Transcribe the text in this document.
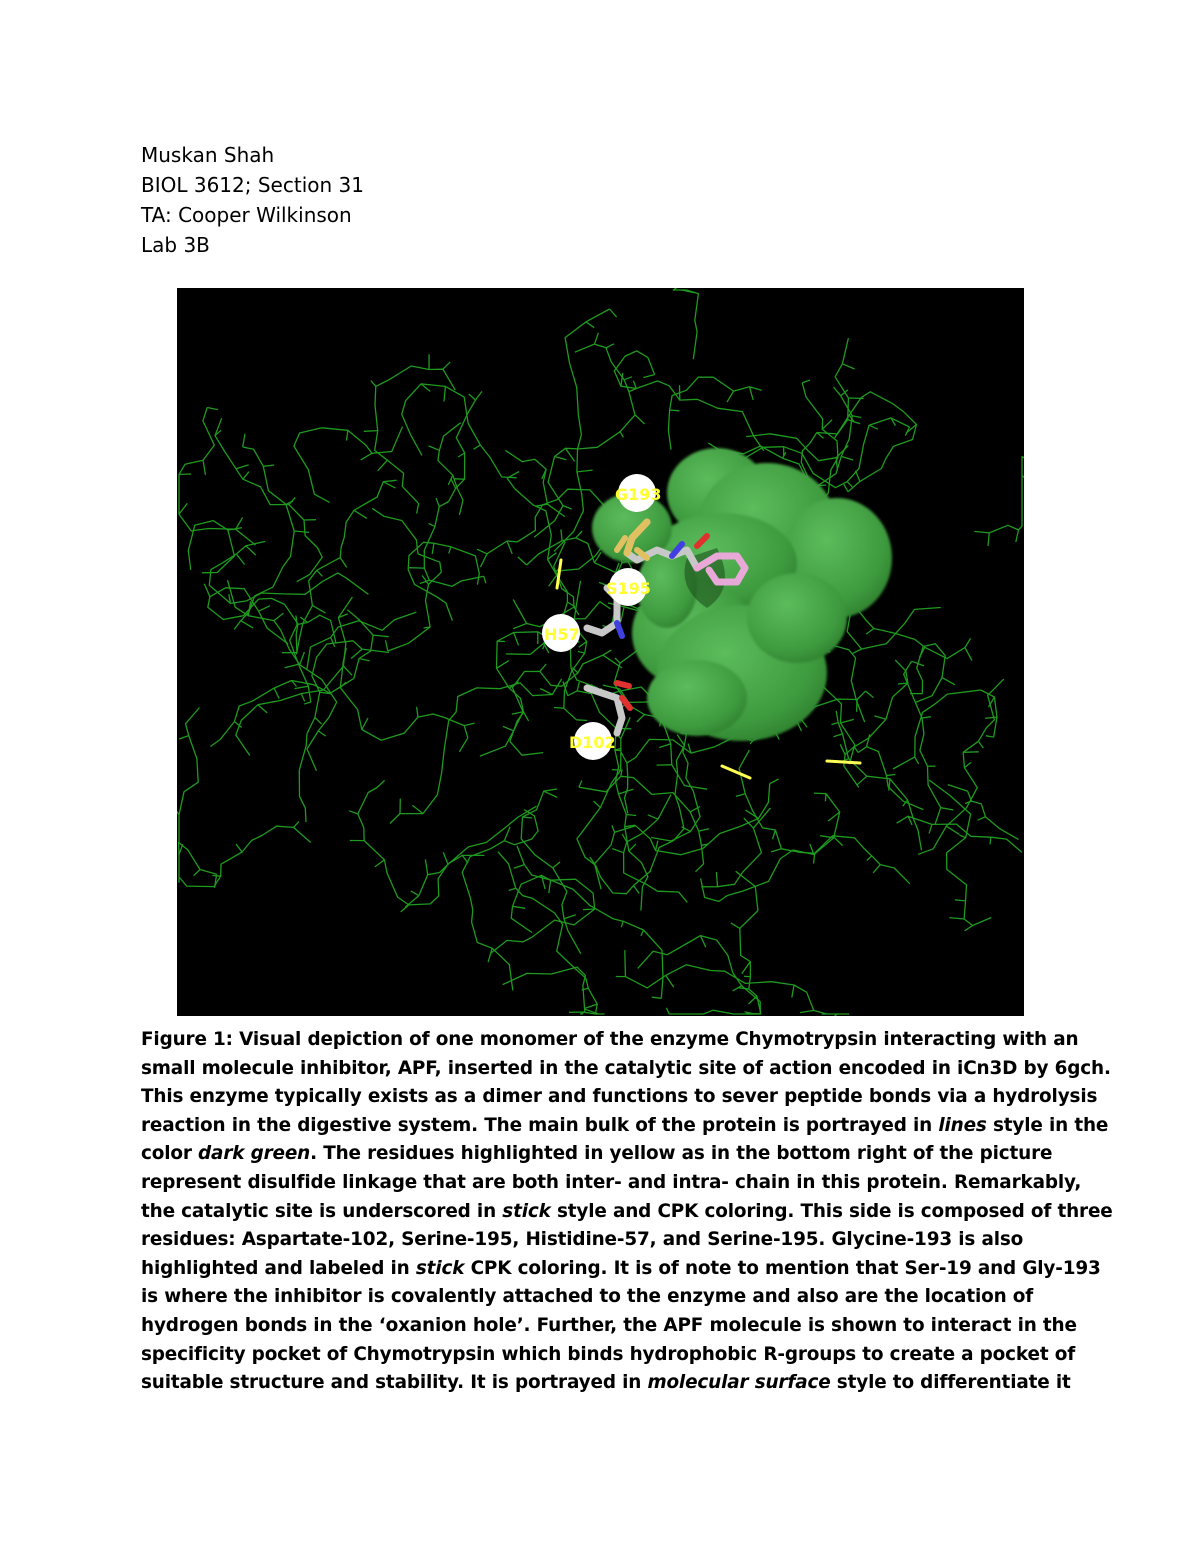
Muskan Shah
BIOL 3612; Section 31
TA: Cooper Wilkinson
Lab 3B
G193
S195
H57
D102
Figure 1: Visual depiction of one monomer of the enzyme Chymotrypsin interacting with an
small molecule inhibitor, APF, inserted in the catalytic site of action encoded in iCn3D by 6gch.
This enzyme typically exists as a dimer and functions to sever peptide bonds via a hydrolysis
reaction in the digestive system. The main bulk of the protein is portrayed in lines style in the
color dark green. The residues highlighted in yellow as in the bottom right of the picture
represent disulfide linkage that are both inter- and intra- chain in this protein. Remarkably,
the catalytic site is underscored in stick style and CPK coloring. This side is composed of three
residues: Aspartate-102, Serine-195, Histidine-57, and Serine-195. Glycine-193 is also
highlighted and labeled in stick CPK coloring. It is of note to mention that Ser-19 and Gly-193
is where the inhibitor is covalently attached to the enzyme and also are the location of
hydrogen bonds in the ‘oxanion hole’. Further, the APF molecule is shown to interact in the
specificity pocket of Chymotrypsin which binds hydrophobic R-groups to create a pocket of
suitable structure and stability. It is portrayed in molecular surface style to differentiate it
